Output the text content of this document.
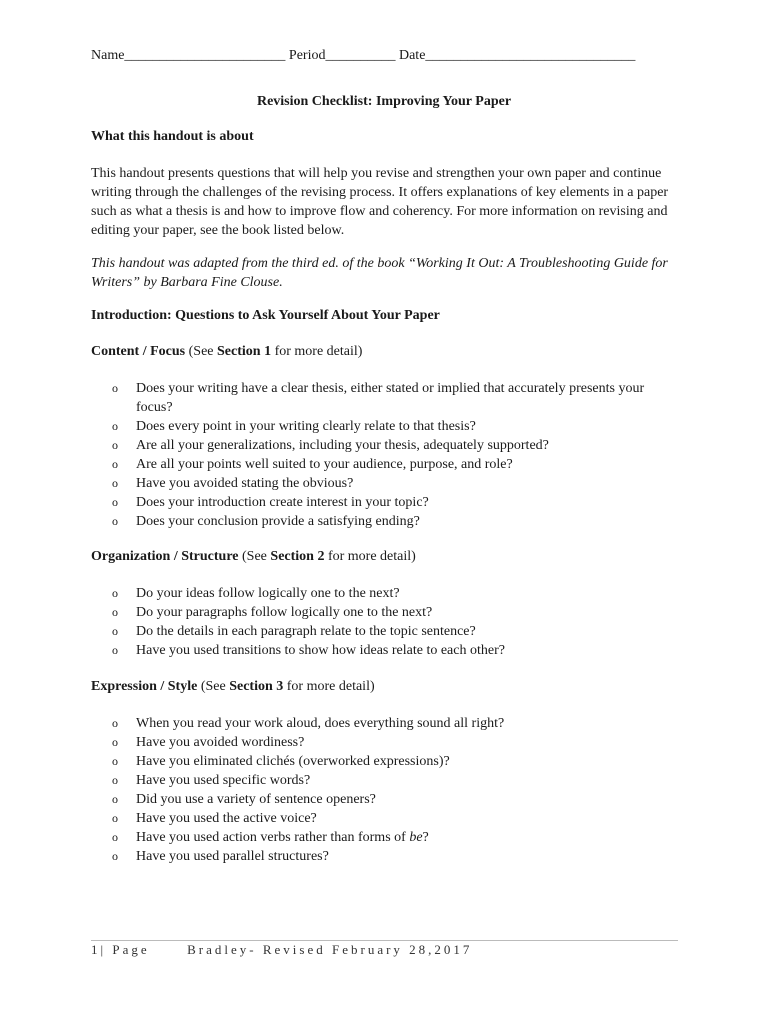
Name_______________________ Period__________ Date______________________________
Revision Checklist: Improving Your Paper
What this handout is about
This handout presents questions that will help you revise and strengthen your own paper and continue writing through the challenges of the revising process. It offers explanations of key elements in a paper such as what a thesis is and how to improve flow and coherency. For more information on revising and editing your paper, see the book listed below.
This handout was adapted from the third ed. of the book “Working It Out: A Troubleshooting Guide for Writers” by Barbara Fine Clouse.
Introduction: Questions to Ask Yourself About Your Paper
Content / Focus (See Section 1 for more detail)
o Does your writing have a clear thesis, either stated or implied that accurately presents your focus?
o Does every point in your writing clearly relate to that thesis?
o Are all your generalizations, including your thesis, adequately supported?
o Are all your points well suited to your audience, purpose, and role?
o Have you avoided stating the obvious?
o Does your introduction create interest in your topic?
o Does your conclusion provide a satisfying ending?
Organization / Structure (See Section 2 for more detail)
o Do your ideas follow logically one to the next?
o Do your paragraphs follow logically one to the next?
o Do the details in each paragraph relate to the topic sentence?
o Have you used transitions to show how ideas relate to each other?
Expression / Style (See Section 3 for more detail)
o When you read your work aloud, does everything sound all right?
o Have you avoided wordiness?
o Have you eliminated clichés (overworked expressions)?
o Have you used specific words?
o Did you use a variety of sentence openers?
o Have you used the active voice?
o Have you used action verbs rather than forms of be?
o Have you used parallel structures?
1| Page	Bradley- Revised February 28,2017
